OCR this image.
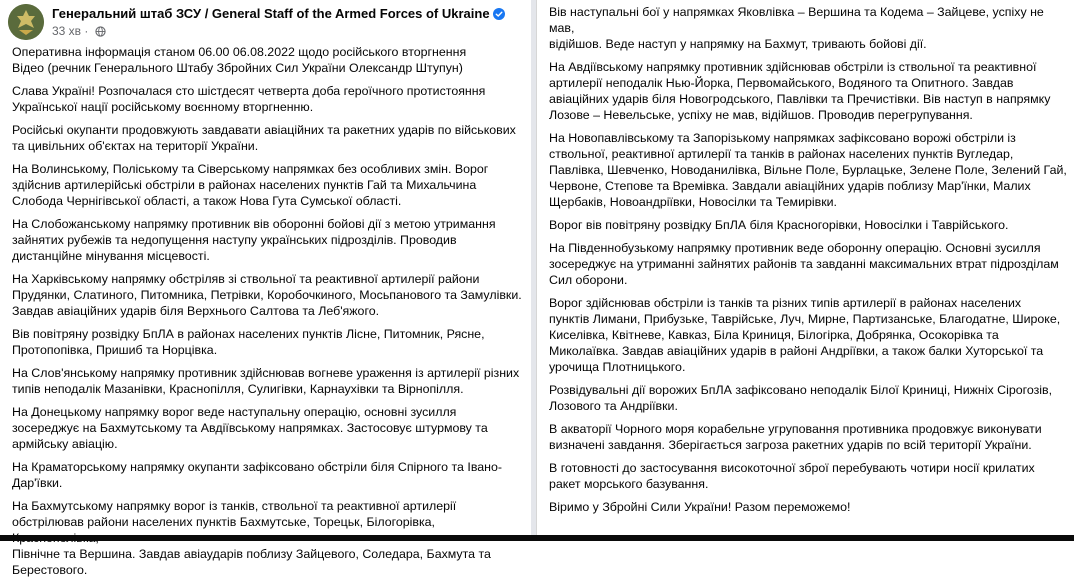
Генеральний штаб ЗСУ / General Staff of the Armed Forces of Ukraine
33 хв ·

Оперативна інформація станом 06.00 06.08.2022 щодо російського вторгнення
Відео (речник Генерального Штабу Збройних Сил України Олександр Штупун)

Слава Україні! Розпочалася сто шістдесят четверта доба героїчного протистояння
Української нації російському воєнному вторгненню.

Російські окупанти продовжують завдавати авіаційних та ракетних ударів по військових
та цивільних об'єктах на території України.

На Волинському, Поліському та Сіверському напрямках без особливих змін. Ворог
здійснив артилерійські обстріли в районах населених пунктів Гай та Михальчина
Слобода Чернігівської області, а також Нова Гута Сумської області.

На Слобожанському напрямку противник вів оборонні бойові дії з метою утримання
зайнятих рубежів та недопущення наступу українських підрозділів. Проводив
дистанційне мінування місцевості.

На Харківському напрямку обстріляв зі ствольної та реактивної артилерії райони
Прудянки, Слатиного, Питомника, Петрівки, Коробочкиного, Мосьпанового та Замулівки.
Завдав авіаційних ударів біля Верхнього Салтова та Леб'яжого.

Вів повітряну розвідку БпЛА в районах населених пунктів Лісне, Питомник, Рясне,
Протопопівка, Пришиб та Норцівка.

На Слов'янському напрямку противник здійснював вогневе ураження із артилерії різних
типів неподалік Мазанівки, Краснопілля, Сулигівки, Карнаухівки та Вірнопілля.

На Донецькому напрямку ворог веде наступальну операцію, основні зусилля
зосереджує на Бахмутському та Авдіївському напрямках. Застосовує штурмову та
армійську авіацію.

На Краматорському напрямку окупанти зафіксовано обстріли біля Спірного та Івано-
Дар'ївки.

На Бахмутському напрямку ворог із танків, ствольної та реактивної артилерії
обстрілював райони населених пунктів Бахмутське, Торецьк, Білогорівка,
Північне та Вершина. Завдав авіаударів поблизу Зайцевого, Соледара, Бахмута та
Берестового.

Вів наступальні бої у напрямках Яковлівка – Вершина та Кодема – Зайцеве, успіху не мав,
відійшов. Веде наступ у напрямку на Бахмут, тривають бойові дії.

На Авдіївському напрямку противник здійснював обстріли із ствольної та реактивної
артилерії неподалік Нью-Йорка, Первомайського, Водяного та Опитного. Завдав
авіаційних ударів біля Новогродського, Павлівки та Пречистівки. Вів наступ в напрямку
Лозове – Невельське, успіху не мав, відійшов. Проводив перегрупування.

На Новопавлівському та Запорізькому напрямках зафіксовано ворожі обстріли із
ствольної, реактивної артилерії та танків в районах населених пунктів Вугледар,
Павлівка, Шевченко, Новоданилівка, Вільне Поле, Бурлацьке, Зелене Поле, Зелений Гай,
Червоне, Степове та Времівка. Завдали авіаційних ударів поблизу Мар'їнки, Малих
Щербаків, Новоандріївки, Новосілки та Темирівки.

Ворог вів повітряну розвідку БпЛА біля Красногорівки, Новосілки і Таврійського.

На Південнобузькому напрямку противник веде оборонну операцію. Основні зусилля
зосереджує на утриманні зайнятих районів та завданні максимальних втрат підрозділам
Сил оборони.

Ворог здійснював обстріли із танків та різних типів артилерії в районах населених
пунктів Лимани, Прибузьке, Таврійське, Луч, Мирне, Партизанське, Благодатне, Широке,
Киселівка, Квітневе, Кавказ, Біла Криниця, Білогірка, Добрянка, Осокорівка та
Миколаївка. Завдав авіаційних ударів в районі Андріївки, а також балки Хуторської та
урочища Плотницького.

Розвідувальні дії ворожих БпЛА зафіксовано неподалік Білої Криниці, Нижніх Сірогозів,
Лозового та Андріївки.

В акваторії Чорного моря корабельне угруповання противника продовжує виконувати
визначені завдання. Зберігається загроза ракетних ударів по всій території України.

В готовності до застосування високоточної зброї перебувають чотири носії крилатих
ракет морського базування.

Віримо у Збройні Сили України! Разом переможемо!
